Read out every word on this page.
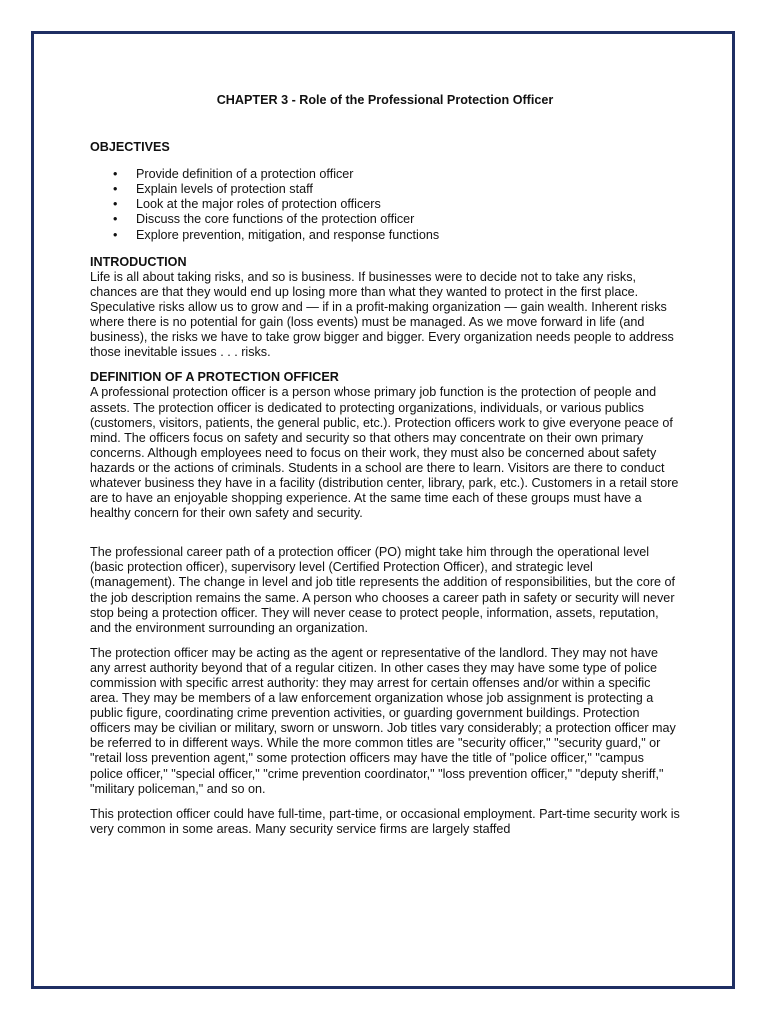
CHAPTER 3 - Role of the Professional Protection Officer
OBJECTIVES
• Provide definition of a protection officer
• Explain levels of protection staff
• Look at the major roles of protection officers
• Discuss the core functions of the protection officer
• Explore prevention, mitigation, and response functions
INTRODUCTION

Life is all about taking risks, and so is business. If businesses were to decide not to take any risks, chances are that they would end up losing more than what they wanted to protect in the first place. Speculative risks allow us to grow and — if in a profit-making organization — gain wealth. Inherent risks where there is no potential for gain (loss events) must be managed. As we move forward in life (and business), the risks we have to take grow bigger and bigger. Every organization needs people to address those inevitable issues . . . risks.

DEFINITION OF A PROTECTION OFFICER

A professional protection officer is a person whose primary job function is the protection of people and assets. The protection officer is dedicated to protecting organizations, individuals, or various publics (customers, visitors, patients, the general public, etc.). Protection officers work to give everyone peace of mind. The officers focus on safety and security so that others may concentrate on their own primary concerns. Although employees need to focus on their work, they must also be concerned about safety hazards or the actions of criminals. Students in a school are there to learn. Visitors are there to conduct whatever business they have in a facility (distribution center, library, park, etc.). Customers in a retail store are to have an enjoyable shopping experience. At the same time each of these groups must have a healthy concern for their own safety and security.

The professional career path of a protection officer (PO) might take him through the operational level (basic protection officer), supervisory level (Certified Protection Officer), and strategic level (management). The change in level and job title represents the addition of responsibilities, but the core of the job description remains the same. A person who chooses a career path in safety or security will never stop being a protection officer. They will never cease to protect people, information, assets, reputation, and the environment surrounding an organization.

The protection officer may be acting as the agent or representative of the landlord. They may not have any arrest authority beyond that of a regular citizen. In other cases they may have some type of police commission with specific arrest authority: they may arrest for certain offenses and/or within a specific area. They may be members of a law enforcement organization whose job assignment is protecting a public figure, coordinating crime prevention activities, or guarding government buildings. Protection officers may be civilian or military, sworn or unsworn. Job titles vary considerably; a protection officer may be referred to in different ways. While the more common titles are "security officer," "security guard," or "retail loss prevention agent," some protection officers may have the title of "police officer," "campus police officer," "special officer," "crime prevention coordinator," "loss prevention officer," "deputy sheriff," "military policeman," and so on.

This protection officer could have full-time, part-time, or occasional employment. Part-time security work is very common in some areas. Many security service firms are largely staffed
